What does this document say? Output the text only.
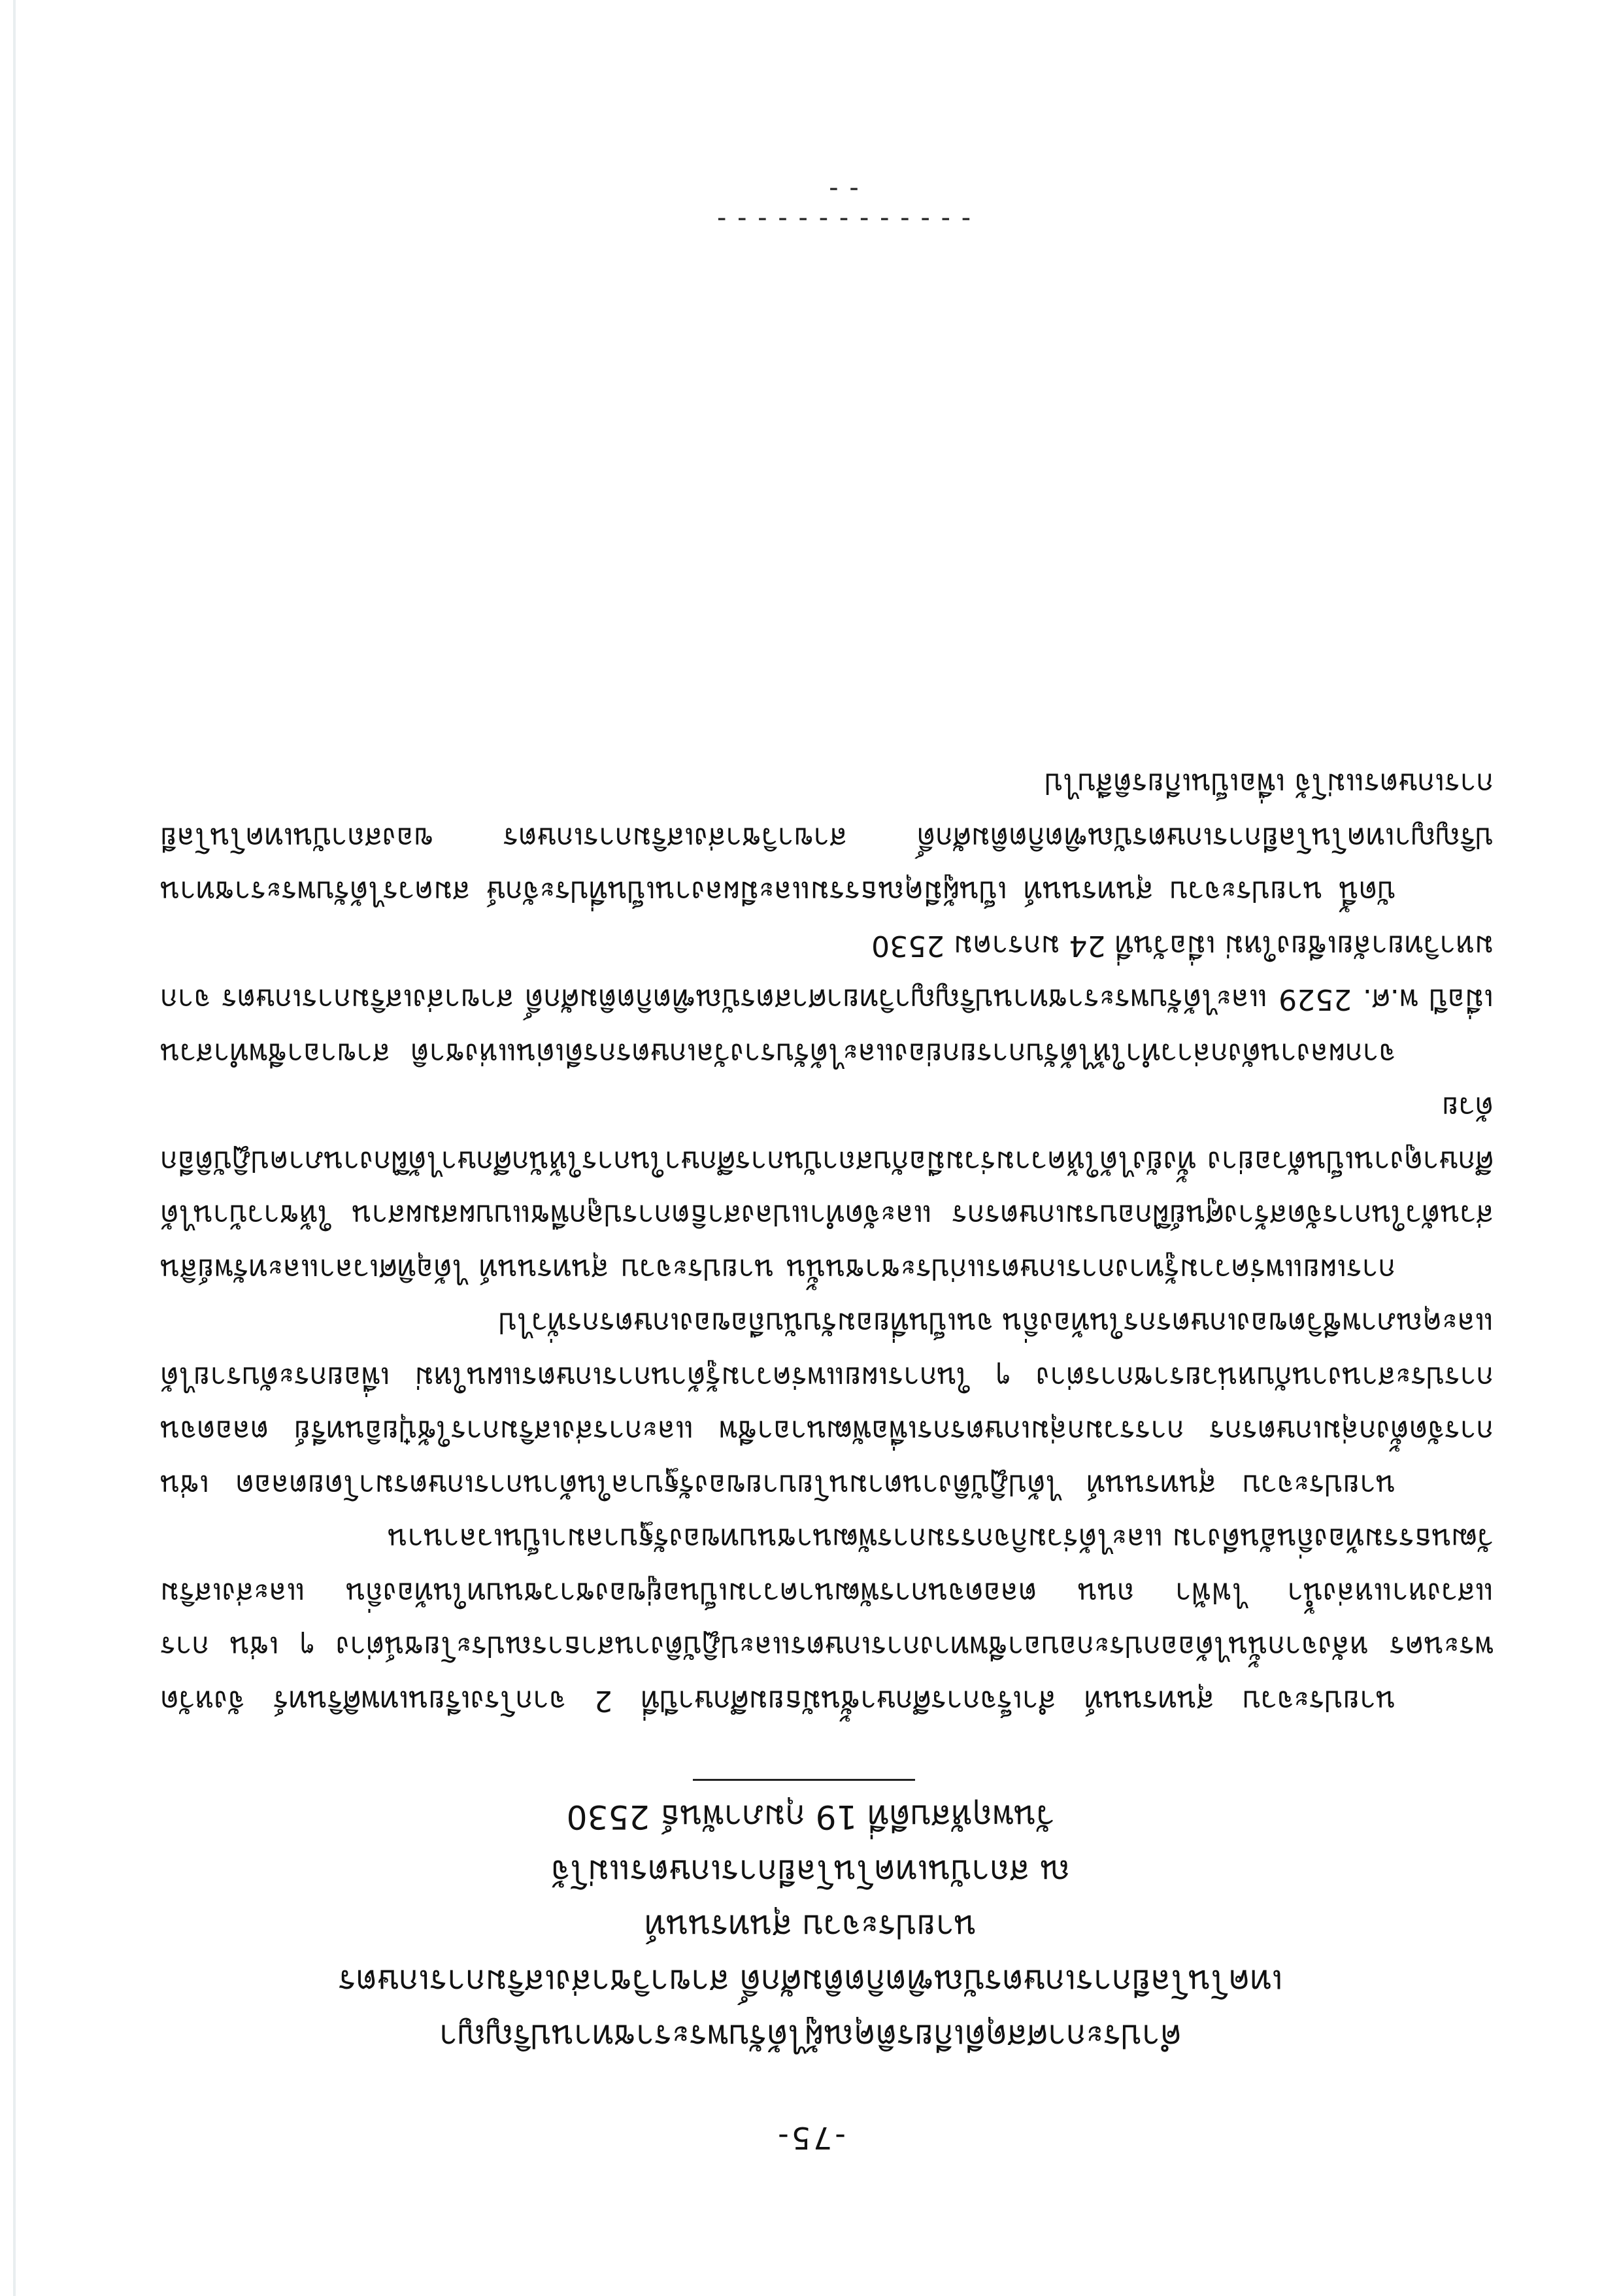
-75-
คำประกาศสดุดีเกียรติคุณผู้ได้รับพระราชทานปริญญา
เทคโนโลยีการเกษตรบัณฑิตกิตติมศักดิ์ สาขาวิชาส่งเสริมการเกษตร
นายประจวบ สุนทรนนท์
ณ สถาบันเทคโนโลยีการเกษตรแม่โจ้
วันพฤหัสบดีที่ 19 กุมภาพันธ์ 2530

นายประจวบ สุนทรนนท์ สำเร็จการศึกษาชั้นมัธยมศึกษาปีที่ 2 จากโรงเรียนเทพศิรินทร์ จังหวัดพระนคร หลังจากนั้นได้ออกประกอบอาชีพทางการเกษตรและปฏิบัติงานสาธารณประโยชน์ต่าง ๆ เช่น การแสวงหาแหล่งน้ำ ไฟฟ้า ถนน ตลอดจนการพัฒนาความเป็นอยู่ของชาวชนบทในท้องถิ่น และส่งเสริมวัฒนธรรมท้องถิ่นอันดีงาม และได้ร่วมกิจกรรมการพัฒนาชนบทของรัฐบาลมาเป็นเวลานาน

นายประจวบ สุนทรนนท์ ได้ปฏิบัติงานตามนโยบายของรัฐบาลในด้านการเกษตรมาโดยตลอด เช่น การจัดตั้งกลุ่มเกษตรกร การรวมกลุ่มเกษตรกรเพื่อพัฒนาอาชีพ และการส่งเสริมการใช้ปุ๋ยอินทรีย์ ตลอดจนการประสานงานกับหน่วยราชการต่าง ๆ ในการเผยแพร่ความรู้ด้านการเกษตรแผนใหม่ เพื่อยกระดับรายได้และคุณภาพชีวิตของเกษตรกรในท้องถิ่น จนเป็นที่ยอมรับนับถือของเกษตรกรทั่วไป

การเผยแพร่ความรู้ทางการเกษตรแก่ประชาชนนั้น นายประจวบ สุนทรนนท์ ได้อุทิศเวลาและทรัพย์สินส่วนตัวในการจัดสร้างศูนย์ฝึกอบรมเกษตรกร และจัดทำแปลงสาธิตการปลูกพืชแบบผสมผสาน ให้ชาวบ้านได้ศึกษาดูงานเป็นตัวอย่าง ทั้งยังได้ให้ความร่วมมือกับสถาบันการศึกษาในการให้นักศึกษาได้ฝึกงานภาคปฏิบัติอีกด้วย

จากผลงานดังกล่าวทำให้ได้รับการยกย่องและได้รับรางวัลเกษตรกรดีเด่นแห่งชาติ สาขาอาชีพทำสวน เมื่อปี พ.ศ. 2529 และได้รับพระราชทานปริญญาวิทยาศาสตรบัณฑิตกิตติมศักดิ์ สาขาส่งเสริมการเกษตร จากมหาวิทยาลัยเชียงใหม่ เมื่อวันที่ 24 มกราคม 2530

บัดนี้ นายประจวบ สุนทรนนท์ เป็นผู้มีคุณธรรมและมีผลงานเป็นที่ประจักษ์ สมควรได้รับพระราชทานปริญญาเทคโนโลยีการเกษตรบัณฑิตกิตติมศักดิ์ สาขาวิชาส่งเสริมการเกษตร ของสถาบันเทคโนโลยีการเกษตรแม่โจ้ เพื่อเป็นเกียรติสืบไป

- - - - - - - - - - - - - - -
